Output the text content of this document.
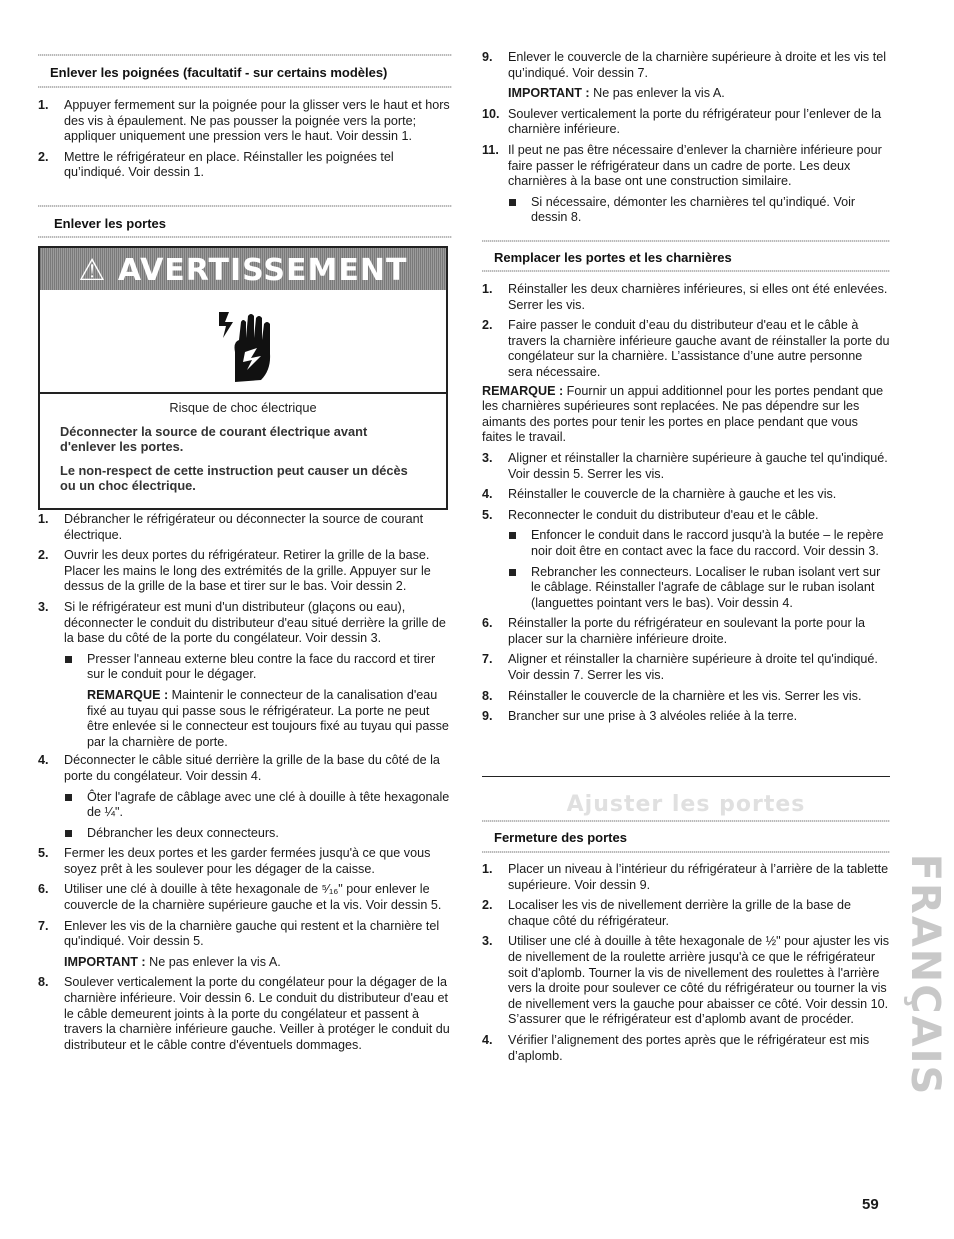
Enlever les poignées (facultatif - sur certains modèles)
1. Appuyer fermement sur la poignée pour la glisser vers le haut et hors des vis à épaulement. Ne pas pousser la poignée vers la porte; appliquer uniquement une pression vers le haut. Voir dessin 1.
2. Mettre le réfrigérateur en place. Réinstaller les poignées tel qu’indiqué. Voir dessin 1.
Enlever les portes
⚠ AVERTISSEMENT
Risque de choc électrique
Déconnecter la source de courant électrique avant d'enlever les portes.
Le non-respect de cette instruction peut causer un décès ou un choc électrique.
1. Débrancher le réfrigérateur ou déconnecter la source de courant électrique.
2. Ouvrir les deux portes du réfrigérateur. Retirer la grille de la base. Placer les mains le long des extrémités de la grille. Appuyer sur le dessus de la grille de la base et tirer sur le bas. Voir dessin 2.
3. Si le réfrigérateur est muni d'un distributeur (glaçons ou eau), déconnecter le conduit du distributeur d'eau situé derrière la grille de la base du côté de la porte du congélateur. Voir dessin 3.
Presser l'anneau externe bleu contre la face du raccord et tirer sur le conduit pour le dégager.
REMARQUE : Maintenir le connecteur de la canalisation d'eau fixé au tuyau qui passe sous le réfrigérateur. La porte ne peut être enlevée si le connecteur est toujours fixé au tuyau qui passe par la charnière de porte.
4. Déconnecter le câble situé derrière la grille de la base du côté de la porte du congélateur. Voir dessin 4.
Ôter l'agrafe de câblage avec une clé à douille à tête hexagonale de ¼".
Débrancher les deux connecteurs.
5. Fermer les deux portes et les garder fermées jusqu'à ce que vous soyez prêt à les soulever pour les dégager de la caisse.
6. Utiliser une clé à douille à tête hexagonale de ⁵⁄₁₆" pour enlever le couvercle de la charnière supérieure gauche et la vis. Voir dessin 5.
7. Enlever les vis de la charnière gauche qui restent et la charnière tel qu'indiqué. Voir dessin 5.
IMPORTANT : Ne pas enlever la vis A.
8. Soulever verticalement la porte du congélateur pour la dégager de la charnière inférieure. Voir dessin 6. Le conduit du distributeur d'eau et le câble demeurent joints à la porte du congélateur et passent à travers la charnière inférieure gauche. Veiller à protéger le conduit du distributeur et le câble contre d'éventuels dommages.
9. Enlever le couvercle de la charnière supérieure à droite et les vis tel qu’indiqué. Voir dessin 7.
IMPORTANT : Ne pas enlever la vis A.
10. Soulever verticalement la porte du réfrigérateur pour l’enlever de la charnière inférieure.
11. Il peut ne pas être nécessaire d’enlever la charnière inférieure pour faire passer le réfrigérateur dans un cadre de porte. Les deux charnières à la base ont une construction similaire.
Si nécessaire, démonter les charnières tel qu’indiqué. Voir dessin 8.
Remplacer les portes et les charnières
1. Réinstaller les deux charnières inférieures, si elles ont été enlevées. Serrer les vis.
2. Faire passer le conduit d’eau du distributeur d'eau et le câble à travers la charnière inférieure gauche avant de réinstaller la porte du congélateur sur la charnière. L’assistance d’une autre personne sera nécessaire.
REMARQUE : Fournir un appui additionnel pour les portes pendant que les charnières supérieures sont replacées. Ne pas dépendre sur les aimants des portes pour tenir les portes en place pendant que vous faites le travail.
3. Aligner et réinstaller la charnière supérieure à gauche tel qu'indiqué. Voir dessin 5. Serrer les vis.
4. Réinstaller le couvercle de la charnière à gauche et les vis.
5. Reconnecter le conduit du distributeur d'eau et le câble.
Enfoncer le conduit dans le raccord jusqu'à la butée – le repère noir doit être en contact avec la face du raccord. Voir dessin 3.
Rebrancher les connecteurs. Localiser le ruban isolant vert sur le câblage. Réinstaller l'agrafe de câblage sur le ruban isolant (languettes pointant vers le bas). Voir dessin 4.
6. Réinstaller la porte du réfrigérateur en soulevant la porte pour la placer sur la charnière inférieure droite.
7. Aligner et réinstaller la charnière supérieure à droite tel qu'indiqué. Voir dessin 7. Serrer les vis.
8. Réinstaller le couvercle de la charnière et les vis. Serrer les vis.
9. Brancher sur une prise à 3 alvéoles reliée à la terre.
Ajuster les portes
Fermeture des portes
1. Placer un niveau à l’intérieur du réfrigérateur à l’arrière de la tablette supérieure. Voir dessin 9.
2. Localiser les vis de nivellement derrière la grille de la base de chaque côté du réfrigérateur.
3. Utiliser une clé à douille à tête hexagonale de ½" pour ajuster les vis de nivellement de la roulette arrière jusqu'à ce que le réfrigérateur soit d'aplomb. Tourner la vis de nivellement des roulettes à l'arrière vers la droite pour soulever ce côté du réfrigérateur ou tourner la vis de nivellement vers la gauche pour abaisser ce côté. Voir dessin 10. S’assurer que le réfrigérateur est d’aplomb avant de procéder.
4. Vérifier l’alignement des portes après que le réfrigérateur est mis d’aplomb.	FRANÇAIS
59
